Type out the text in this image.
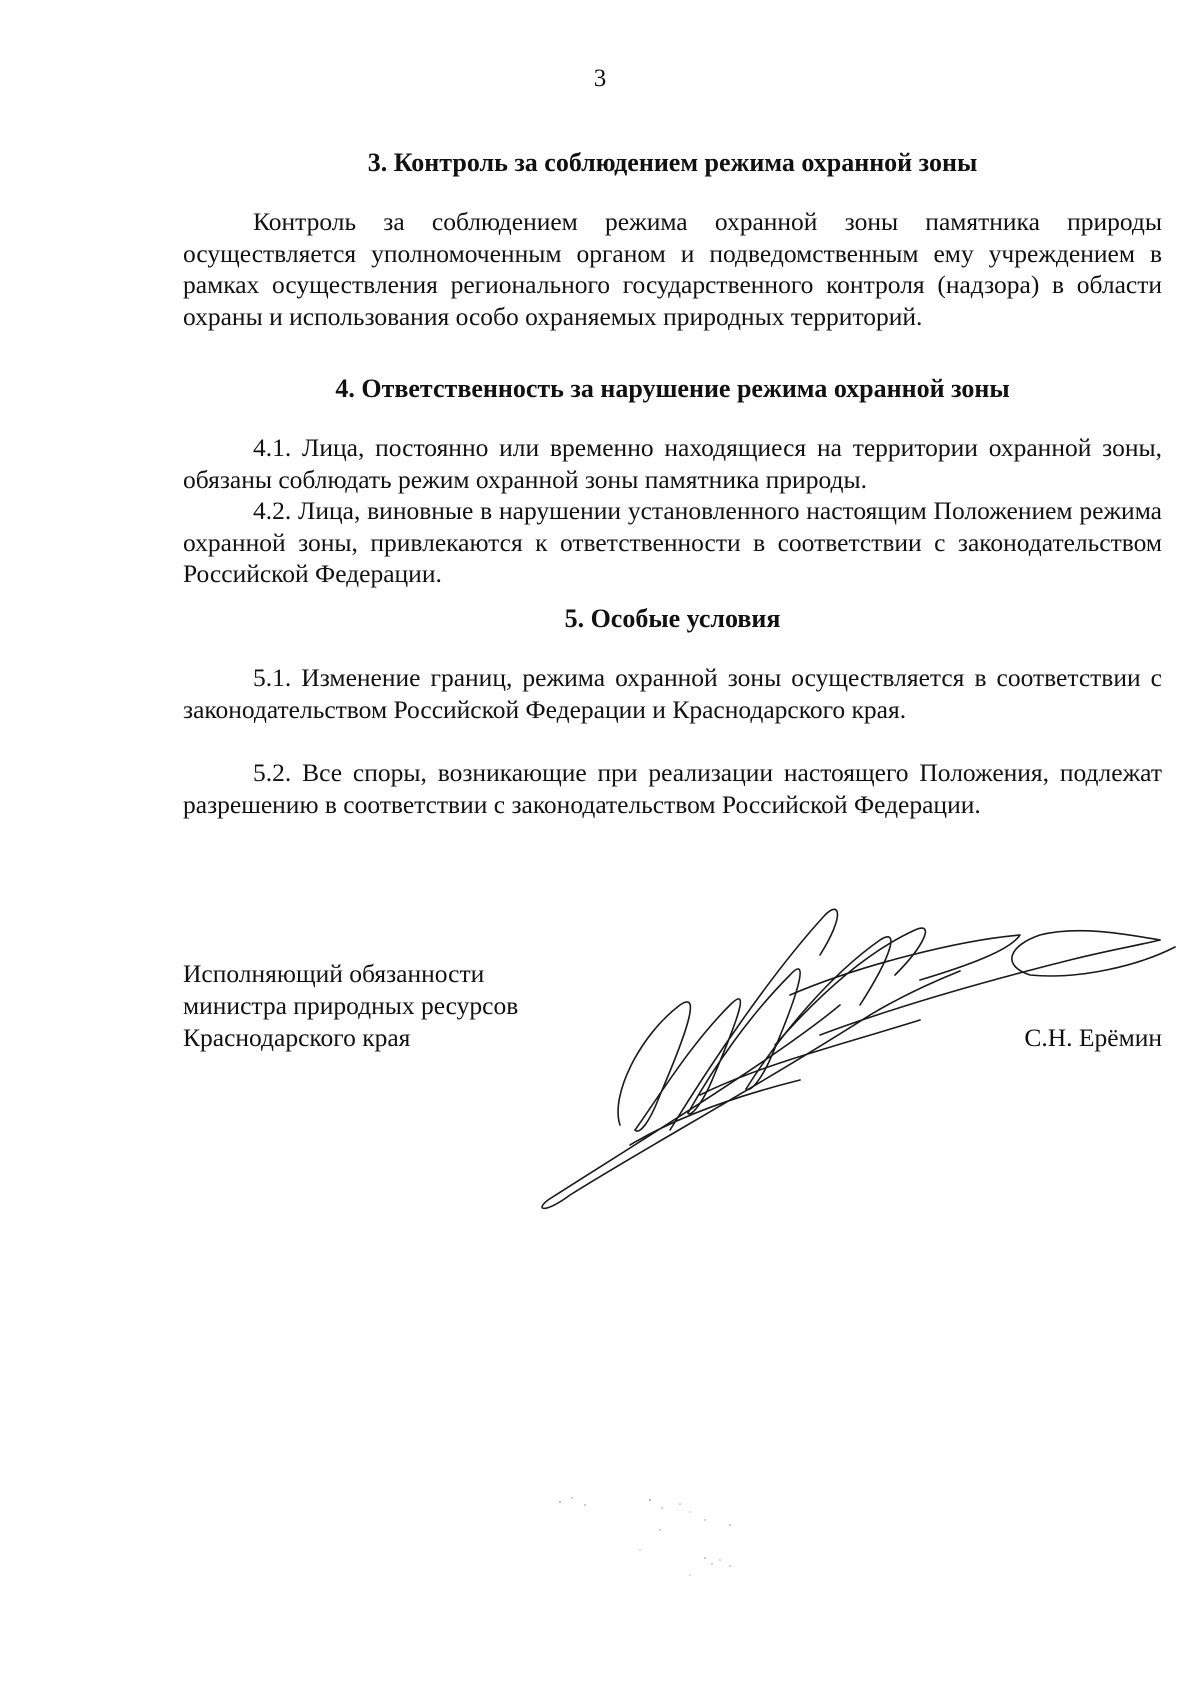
3
3. Контроль за соблюдением режима охранной зоны

Контроль за соблюдением режима охранной зоны памятника природы осуществляется уполномоченным органом и подведомственным ему учреждением в рамках осуществления регионального государственного контроля (надзора) в области охраны и использования особо охраняемых природных территорий.

4. Ответственность за нарушение режима охранной зоны

4.1. Лица, постоянно или временно находящиеся на территории охранной зоны, обязаны соблюдать режим охранной зоны памятника природы.

4.2. Лица, виновные в нарушении установленного настоящим Положением режима охранной зоны, привлекаются к ответственности в соответствии с законодательством Российской Федерации.

5. Особые условия

5.1. Изменение границ, режима охранной зоны осуществляется в соответствии с законодательством Российской Федерации и Краснодарского края.

5.2. Все споры, возникающие при реализации настоящего Положения, подлежат разрешению в соответствии с законодательством Российской Федерации.

Исполняющий обязанности
министра природных ресурсов
Краснодарского края	С.Н. Ерёмин
